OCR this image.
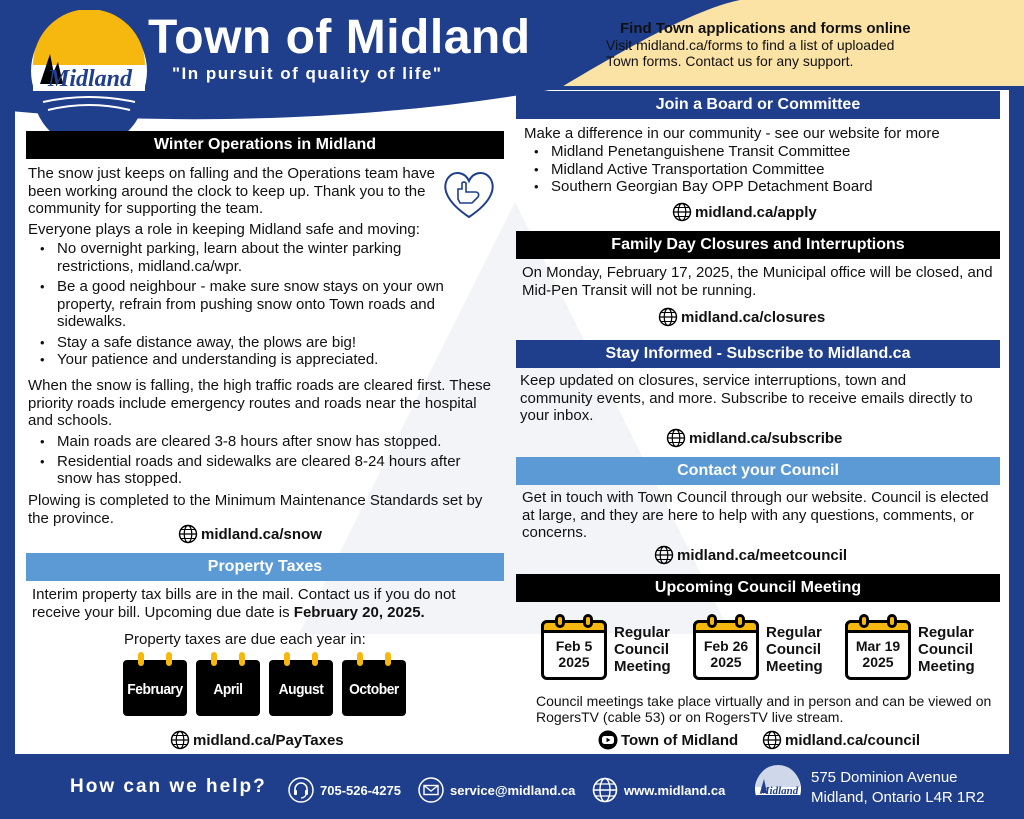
Midland
Town of Midland
"In pursuit of quality of life"
Find Town applications and forms online
Visit midland.ca/forms to find a list of uploaded Town forms. Contact us for any support.
Winter Operations in Midland
The snow just keeps on falling and the Operations team have been working around the clock to keep up. Thank you to the community for supporting the team.
Everyone plays a role in keeping Midland safe and moving:
• No overnight parking, learn about the winter parking restrictions, midland.ca/wpr.
• Be a good neighbour - make sure snow stays on your own property, refrain from pushing snow onto Town roads and sidewalks.
• Stay a safe distance away, the plows are big!
• Your patience and understanding is appreciated.
When the snow is falling, the high traffic roads are cleared first. These priority roads include emergency routes and roads near the hospital and schools.
• Main roads are cleared 3-8 hours after snow has stopped.
• Residential roads and sidewalks are cleared 8-24 hours after snow has stopped.
Plowing is completed to the Minimum Maintenance Standards set by the province.
midland.ca/snow
Property Taxes
Interim property tax bills are in the mail. Contact us if you do not receive your bill. Upcoming due date is February 20, 2025.
Property taxes are due each year in:
February	April	August	October
midland.ca/PayTaxes
Join a Board or Committee
Make a difference in our community - see our website for more
• Midland Penetanguishene Transit Committee
• Midland Active Transportation Committee
• Southern Georgian Bay OPP Detachment Board
midland.ca/apply
Family Day Closures and Interruptions
On Monday, February 17, 2025, the Municipal office will be closed, and Mid-Pen Transit will not be running.
midland.ca/closures
Stay Informed - Subscribe to Midland.ca
Keep updated on closures, service interruptions, town and community events, and more. Subscribe to receive emails directly to your inbox.
midland.ca/subscribe
Contact your Council
Get in touch with Town Council through our website. Council is elected at large, and they are here to help with any questions, comments, or concerns.
midland.ca/meetcouncil
Upcoming Council Meeting
Feb 5
2025
Regular Council Meeting
Feb 26
2025
Regular Council Meeting
Mar 19
2025
Regular Council Meeting
Council meetings take place virtually and in person and can be viewed on RogersTV (cable 53) or on RogersTV live stream.
Town of Midland	midland.ca/council
How can we help?	705-526-4275	service@midland.ca	www.midland.ca	Midland
575 Dominion Avenue
Midland, Ontario L4R 1R2
